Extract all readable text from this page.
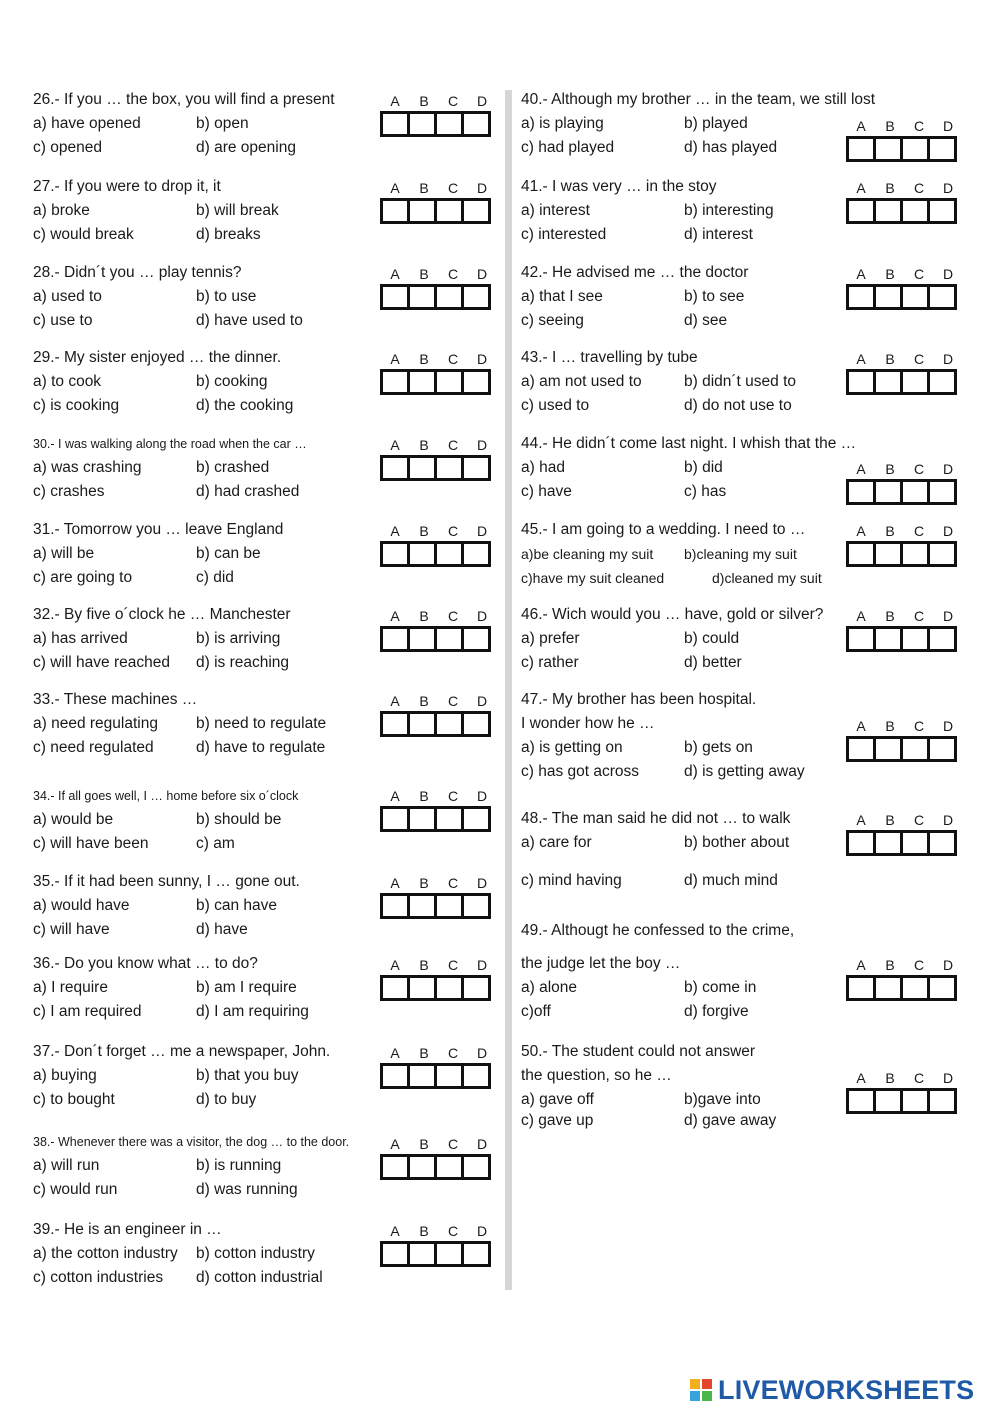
26.- If you … the box, you will find a present
a) have opened	b) open
c) opened	d) are opening
A	B	C	D
27.- If you were to drop it, it
a) broke	b) will break
c) would break	d) breaks
A	B	C	D
28.- Didn´t you … play tennis?
a) used to	b) to use
c) use to	d) have used to
A	B	C	D
29.- My sister enjoyed … the dinner.
a) to cook	b) cooking
c) is cooking	d) the cooking
A	B	C	D
30.- I was walking along the road when the car …
a) was crashing	b) crashed
c) crashes	d) had crashed
A	B	C	D
31.- Tomorrow you … leave England
a) will be	b) can be
c) are going to	c) did
A	B	C	D
32.- By five o´clock he … Manchester
a) has arrived	b) is arriving
c) will have reached d) is reaching
A	B	C	D
33.- These machines …
a) need regulating b) need to regulate
c) need regulated	d) have to regulate
A	B	C	D
34.- If all goes well, I … home before six o´clock
a) would be	b) should be
c) will have been	c) am
A	B	C	D
35.- If it had been sunny, I … gone out.
a) would have	b) can have
c) will have	d) have
A	B	C	D
36.- Do you know what … to do?
a) I require	b) am I require
c) I am required	d) I am requiring
A	B	C	D
37.- Don´t forget … me a newspaper, John.
a) buying	b) that you buy
c) to bought	d) to buy
A	B	C	D
38.- Whenever there was a visitor, the dog … to the door.
a) will run	b) is running
c) would run	d) was running
A	B	C	D
39.- He is an engineer in …
a) the cotton industry b) cotton industry
c) cotton industries d) cotton industrial
A	B	C	D
40.- Although my brother … in the team, we still lost
a) is playing	b) played
c) had played	d) has played
A	B	C	D
41.- I was very … in the stoy
a) interest	b) interesting
c) interested	d) interest
A	B	C	D
42.- He advised me … the doctor
a) that I see	b) to see
c) seeing	d) see
A	B	C	D
43.- I … travelling by tube
a) am not used to	b) didn´t used to
c) used to	d) do not use to
A	B	C	D
44.- He didn´t come last night. I whish that the …
a) had	b) did
c) have	c) has
A	B	C	D
45.- I am going to a wedding. I need to …
a)be cleaning my suit b)cleaning my suit
c)have my suit cleaned	d)cleaned my suit
A	B	C	D
46.- Wich would you … have, gold or silver?
a) prefer	b) could
c) rather	d) better
A	B	C	D
47.- My brother has been hospital.
I wonder how he …
a) is getting on	b) gets on
c) has got across	d) is getting away
A	B	C	D
48.- The man said he did not … to walk
a) care for	b) bother about
c) mind having	d) much mind
A	B	C	D
49.- Althougt he confessed to the crime,
the judge let the boy …
a) alone	b) come in
c)off	d) forgive
A	B	C	D
50.- The student could not answer
the question, so he …
a) gave off	b)gave into
c) gave up	d) gave away
A	B	C	D
LIVEWORKSHEETS
